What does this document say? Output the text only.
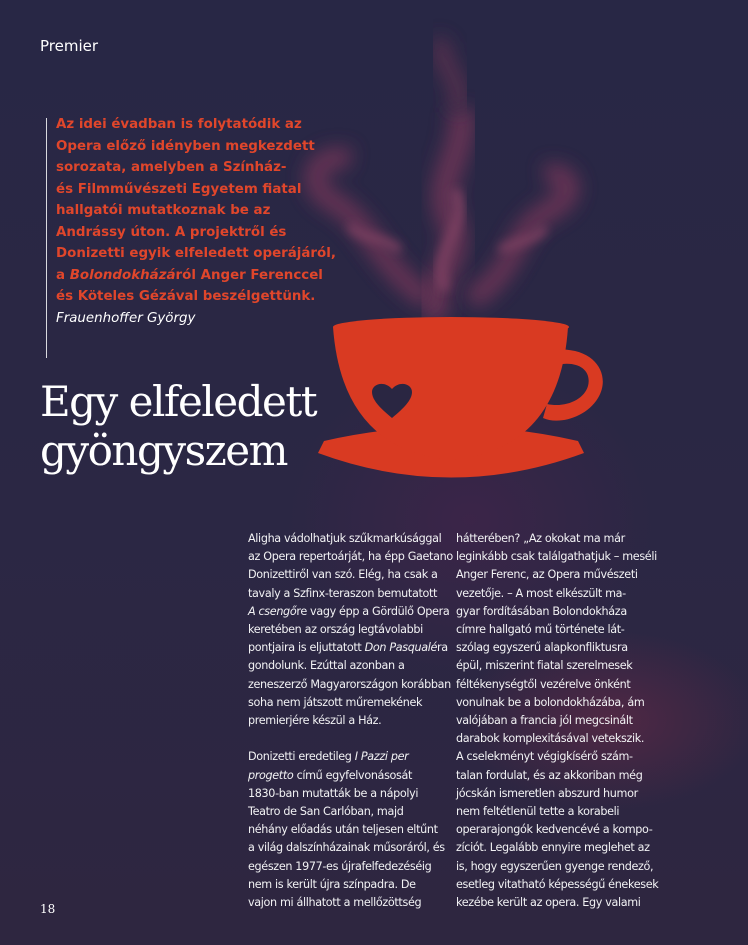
Premier
Az idei évadban is folytatódik az
Opera előző idényben megkezdett
sorozata, amelyben a Színház-
és Filmművészeti Egyetem fiatal
hallgatói mutatkoznak be az
Andrássy úton. A projektről és
Donizetti egyik elfeledett operájáról,
a Bolondokházáról Anger Ferenccel
és Köteles Gézával beszélgettünk.
Frauenhoffer György
Egy elfeledett
gyöngyszem
Aligha vádolhatjuk szűkmarkúsággal
az Opera repertoárját, ha épp Gaetano
Donizettiről van szó. Elég, ha csak a
tavaly a Szfinx-teraszon bemutatott
A csengőre vagy épp a Gördülő Opera
keretében az ország legtávolabbi
pontjaira is eljuttatott Don Pasqualéra
gondolunk. Ezúttal azonban a
zeneszerző Magyarországon korábban
soha nem játszott műremekének
premierjére készül a Ház.
Donizetti eredetileg I Pazzi per
progetto című egyfelvonásosát
1830-ban mutatták be a nápolyi
Teatro de San Carlóban, majd
néhány előadás után teljesen eltűnt
a világ dalszínházainak műsoráról, és
egészen 1977-es újrafelfedezéséig
nem is került újra színpadra. De
vajon mi állhatott a mellőzöttség
hátterében? „Az okokat ma már
leginkább csak találgathatjuk – meséli
Anger Ferenc, az Opera művészeti
vezetője. – A most elkészült ma-
gyar fordításában Bolondokháza
címre hallgató mű története lát-
szólag egyszerű alapkonfliktusra
épül, miszerint fiatal szerelmesek
féltékenységtől vezérelve önként
vonulnak be a bolondokházába, ám
valójában a francia jól megcsinált
darabok komplexitásával vetekszik.
A cselekményt végigkísérő szám-
talan fordulat, és az akkoriban még
jócskán ismeretlen abszurd humor
nem feltétlenül tette a korabeli
operarajongók kedvencévé a kompo-
zíciót. Legalább ennyire meglehet az
is, hogy egyszerűen gyenge rendező,
esetleg vitatható képességű énekesek
kezébe került az opera. Egy valami
18
